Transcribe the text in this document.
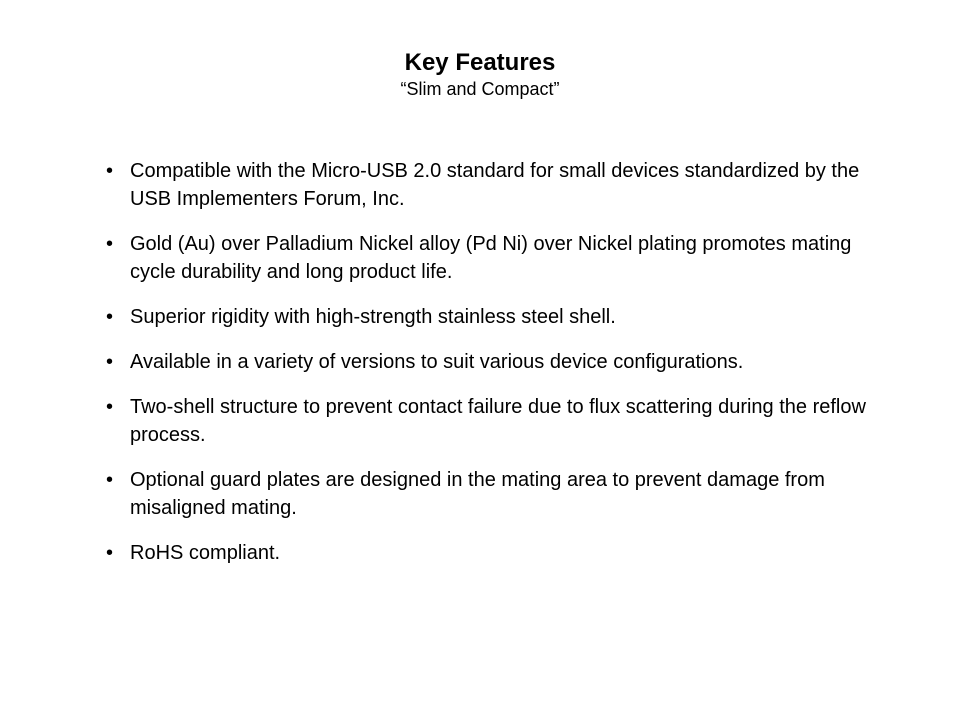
Key Features
“Slim and Compact”
• Compatible with the Micro-USB 2.0 standard for small devices standardized by the USB Implementers Forum, Inc.
• Gold (Au) over Palladium Nickel alloy (Pd Ni) over Nickel plating promotes mating cycle durability and long product life.
• Superior rigidity with high-strength stainless steel shell.
• Available in a variety of versions to suit various device configurations.
• Two-shell structure to prevent contact failure due to flux scattering during the reflow process.
• Optional guard plates are designed in the mating area to prevent damage from misaligned mating.
• RoHS compliant.
